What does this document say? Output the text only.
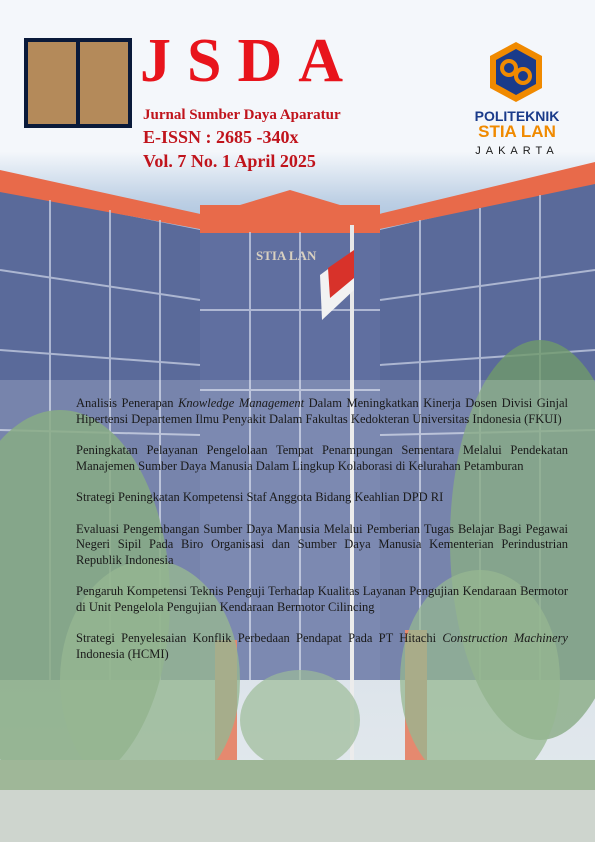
STIA LAN
JSDA
Jurnal Sumber Daya Aparatur
E-ISSN : 2685 -340x
Vol. 7 No. 1 April 2025
POLITEKNIK
STIA LAN
JAKARTA

Analisis Penerapan Knowledge Management Dalam Meningkatkan Kinerja Dosen Divisi Ginjal Hipertensi Departemen Ilmu Penyakit Dalam Fakultas Kedokteran Universitas Indonesia (FKUI)

Peningkatan Pelayanan Pengelolaan Tempat Penampungan Sementara Melalui Pendekatan Manajemen Sumber Daya Manusia Dalam Lingkup Kolaborasi di Kelurahan Petamburan

Strategi Peningkatan Kompetensi Staf Anggota Bidang Keahlian DPD RI

Evaluasi Pengembangan Sumber Daya Manusia Melalui Pemberian Tugas Belajar Bagi Pegawai Negeri Sipil Pada Biro Organisasi dan Sumber Daya Manusia Kementerian Perindustrian Republik Indonesia

Pengaruh Kompetensi Teknis Penguji Terhadap Kualitas Layanan Pengujian Kendaraan Bermotor di Unit Pengelola Pengujian Kendaraan Bermotor Cilincing

Strategi Penyelesaian Konflik Perbedaan Pendapat Pada PT Hitachi Construction Machinery Indonesia (HCMI)
